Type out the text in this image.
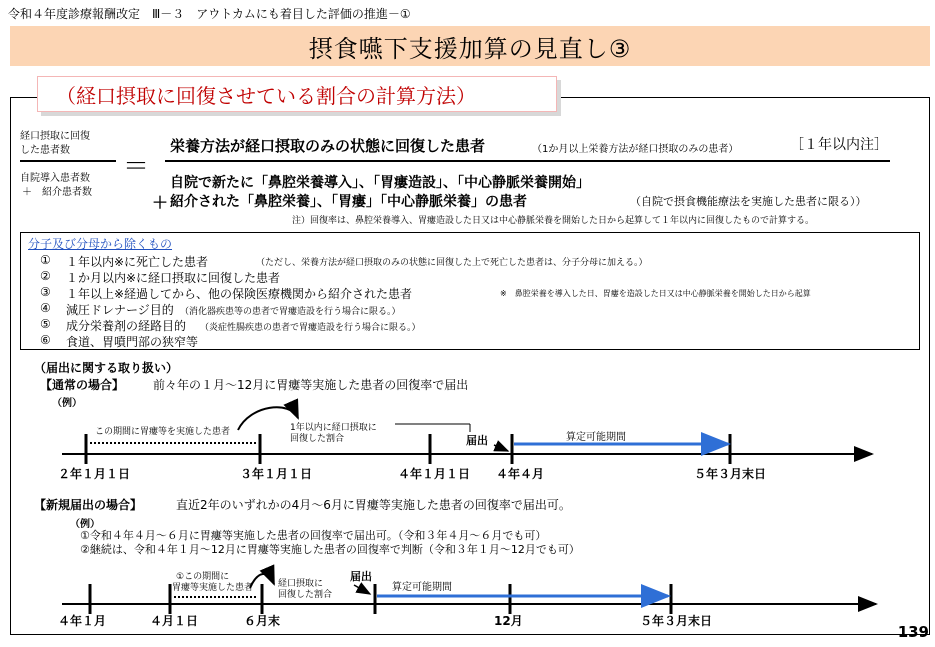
令和４年度診療報酬改定　Ⅲ－３　アウトカムにも着目した評価の推進－①
摂食嚥下支援加算の見直し③
（経口摂取に回復させている割合の計算方法）
経口摂取に回復
した患者数
自院導入患者数
＋　紹介患者数
＝
栄養方法が経口摂取のみの状態に回復した患者	（1か月以上栄養方法が経口摂取のみの患者）	［１年以内注］
自院で新たに「鼻腔栄養導入」、「胃瘻造設」、「中心静脈栄養開始」
＋ 紹介された「鼻腔栄養」、「胃瘻」「中心静脈栄養」の患者	（自院で摂食機能療法を実施した患者に限る））
注）回復率は、鼻腔栄養導入、胃瘻造設した日又は中心静脈栄養を開始した日から起算して１年以内に回復したもので計算する。
分子及び分母から除くもの
① １年以内※に死亡した患者	（ただし、栄養方法が経口摂取のみの状態に回復した上で死亡した患者は、分子分母に加える。）
② １か月以内※に経口摂取に回復した患者
③ １年以上※経過してから、他の保険医療機関から紹介された患者	※　鼻腔栄養を導入した日、胃瘻を造設した日又は中心静脈栄養を開始した日から起算
④ 減圧ドレナージ目的 （消化器疾患等の患者で胃瘻造設を行う場合に限る。）
⑤ 成分栄養剤の経路目的 （炎症性腸疾患の患者で胃瘻造設を行う場合に限る。）
⑥ 食道、胃噴門部の狭窄等
（届出に関する取り扱い）
【通常の場合】 前々年の１月～12月に胃瘻等実施した患者の回復率で届出
（例）
この期間に胃瘻等を実施した患者	1年以内に経口摂取に
回復した割合	届出	算定可能期間
２年１月１日	３年１月１日	４年１月１日 ４年４月	５年３月末日
【新規届出の場合】	直近2年のいずれかの4月～6月に胃瘻等実施した患者の回復率で届出可。
（例）
①令和４年４月～６月に胃瘻等実施した患者の回復率で届出可。（令和３年４月～６月でも可）
②継続は、令和４年１月～12月に胃瘻等実施した患者の回復率で判断（令和３年１月～12月でも可）
①この期間に
胃瘻等実施した患者	経口摂取に
回復した割合
届出
算定可能期間
４年１月	４月１日	６月末	12月	５年３月末日
139
